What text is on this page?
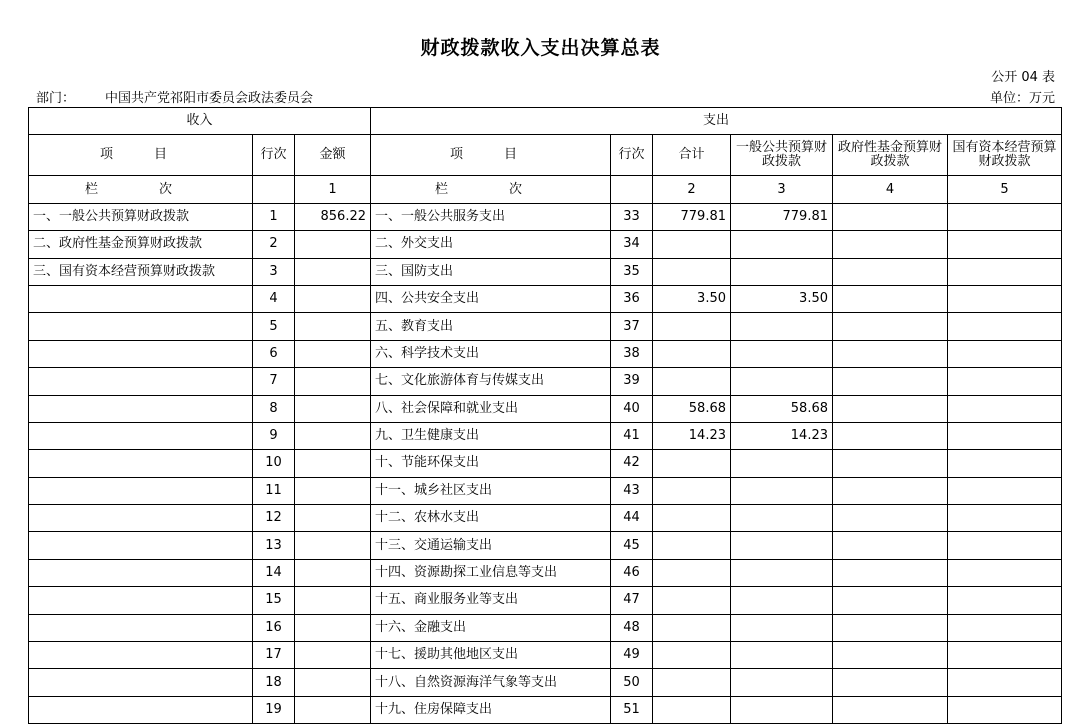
财政拨款收入支出决算总表
公开 04 表
部门： 中国共产党祁阳市委员会政法委员会	单位：万元
收入			支出					
项　目	行次	金额	项　目	行次	合计	一般公共预算财政拨款	政府性基金预算财政拨款	国有资本经营预算财政拨款
栏　次		1	栏　次		2	3	4	5
一、一般公共预算财政拨款	1	856.22	一、一般公共服务支出	33	779.81	779.81		
二、政府性基金预算财政拨款	2		二、外交支出	34				
三、国有资本经营预算财政拨款	3		三、国防支出	35				
	4		四、公共安全支出	36	3.50	3.50		
	5		五、教育支出	37				
	6		六、科学技术支出	38				
	7		七、文化旅游体育与传媒支出	39				
	8		八、社会保障和就业支出	40	58.68	58.68		
	9		九、卫生健康支出	41	14.23	14.23		
	10		十、节能环保支出	42				
	11		十一、城乡社区支出	43				
	12		十二、农林水支出	44				
	13		十三、交通运输支出	45				
	14		十四、资源勘探工业信息等支出	46				
	15		十五、商业服务业等支出	47				
	16		十六、金融支出	48				
	17		十七、援助其他地区支出	49				
	18		十八、自然资源海洋气象等支出	50				
	19		十九、住房保障支出	51				
